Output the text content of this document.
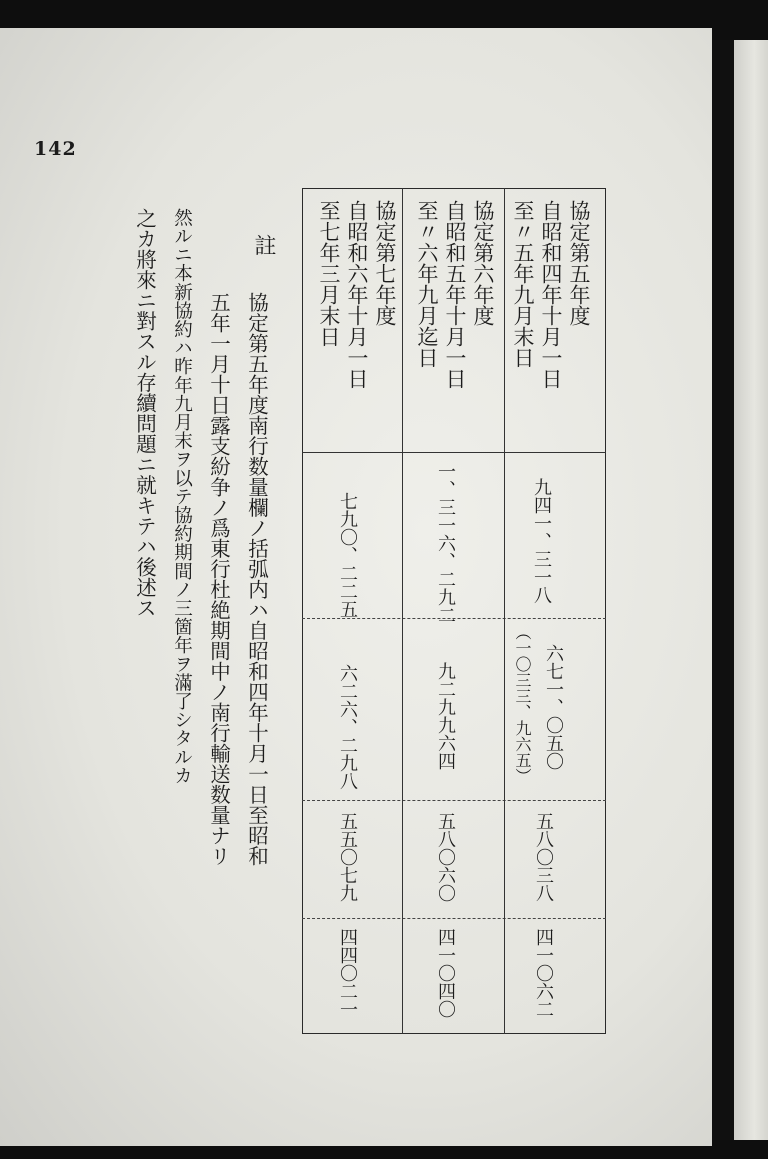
142
協定第五年度
自昭和四年十月一日
至〃五年九月末日
九四一、三一八
六七一、〇五〇
（一〇三三、九六五）
五八〇三八
四一〇六二
協定第六年度
自昭和五年十月一日
至〃六年九月迄日
一、三一六、二九二
九二九九六四
五八〇六〇
四一〇四〇
協定第七年度
自昭和六年十月一日
至七年三月末日
七九〇、二二五
六二六、二九八
五五〇七九
四四〇二一
註
協定第五年度南行数量欄ノ括弧内ハ自昭和四年十月一日至昭和
五年一月十日露支紛争ノ爲東行杜絶期間中ノ南行輸送数量ナリ
然ルニ本新協約ハ昨年九月末ヲ以テ協約期間ノ三箇年ヲ滿了シタルカ
之カ將來ニ對スル存續問題ニ就キテハ後述ス
